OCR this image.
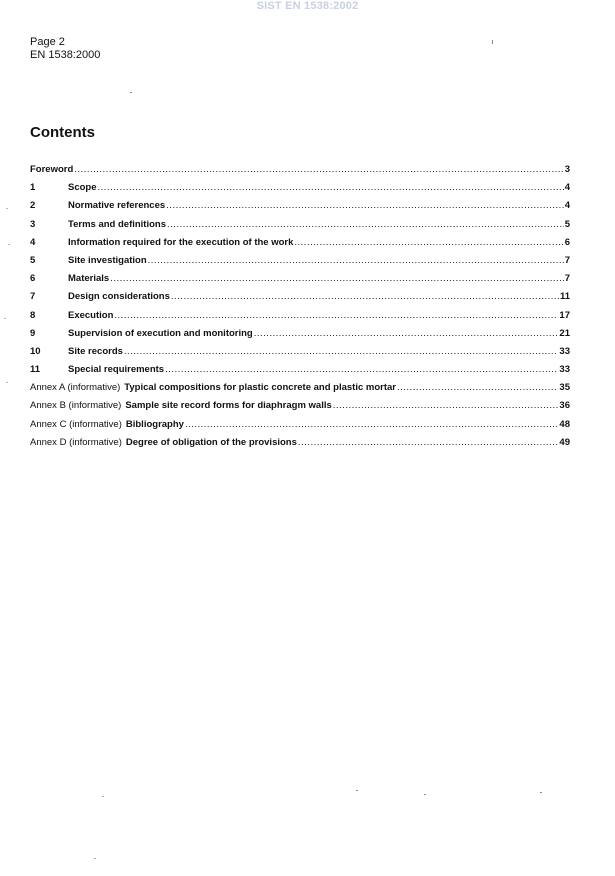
SIST EN 1538:2002
Page 2
EN 1538:2000
Contents
Foreword .....	3
1	Scope .....	4
2	Normative references .....	4
3	Terms and definitions .....	5
4	Information required for the execution of the work .....	6
5	Site investigation .....	7
6	Materials .....	7
7	Design considerations .....	11
8	Execution .....	17
9	Supervision of execution and monitoring .....	21
10	Site records .....	33
11	Special requirements .....	33
Annex A (informative) Typical compositions for plastic concrete and plastic mortar .....	35
Annex B (informative) Sample site record forms for diaphragm walls .....	36
Annex C (informative) Bibliography .....	48
Annex D (informative) Degree of obligation of the provisions .....	49
